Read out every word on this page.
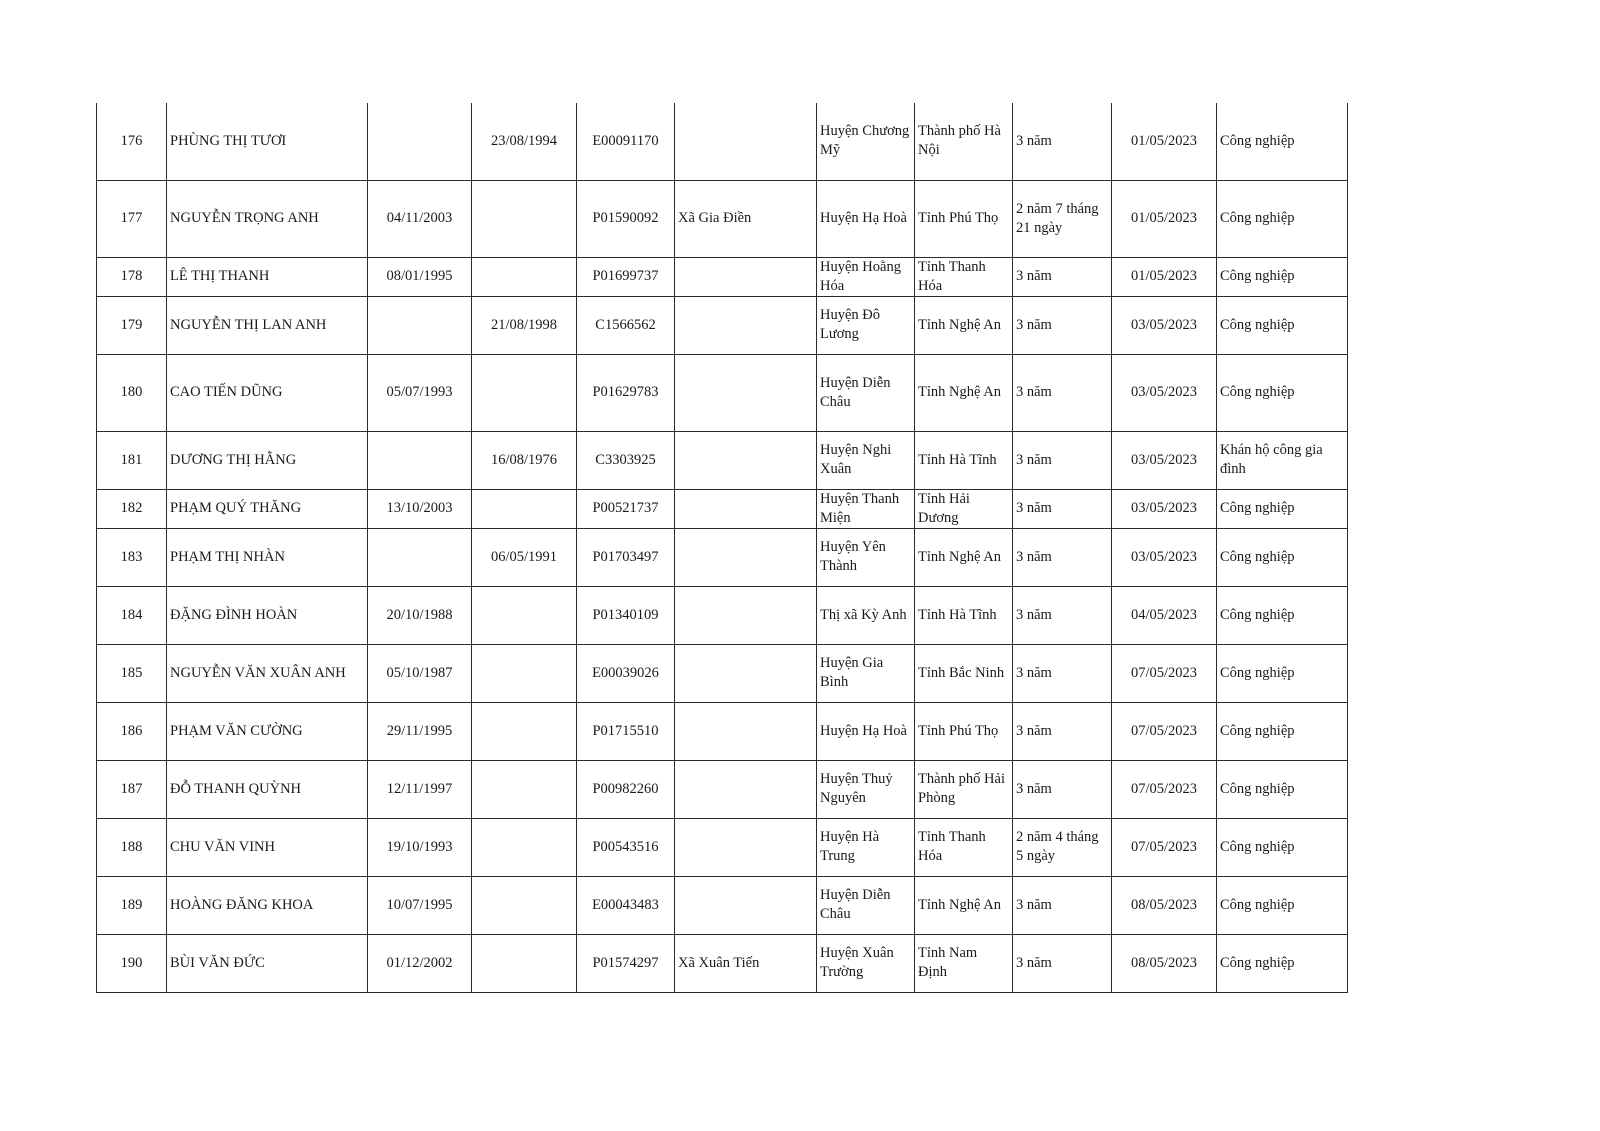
176	PHÙNG THỊ TƯƠI		23/08/1994	E00091170		Huyện Chương Mỹ	Thành phố Hà Nội	3 năm	01/05/2023	Công nghiệp
177	NGUYỄN TRỌNG ANH	04/11/2003		P01590092	Xã Gia Điền	Huyện Hạ Hoà	Tỉnh Phú Thọ	2 năm 7 tháng 21 ngày	01/05/2023	Công nghiệp
178	LÊ THỊ THANH	08/01/1995		P01699737		Huyện Hoằng Hóa	Tỉnh Thanh Hóa	3 năm	01/05/2023	Công nghiệp
179	NGUYỄN THỊ LAN ANH		21/08/1998	C1566562		Huyện Đô Lương	Tỉnh Nghệ An	3 năm	03/05/2023	Công nghiệp
180	CAO TIẾN DŨNG	05/07/1993		P01629783		Huyện Diễn Châu	Tỉnh Nghệ An	3 năm	03/05/2023	Công nghiệp
181	DƯƠNG THỊ HẰNG		16/08/1976	C3303925		Huyện Nghi Xuân	Tỉnh Hà Tĩnh	3 năm	03/05/2023	Khán hộ công gia đình
182	PHẠM QUÝ THĂNG	13/10/2003		P00521737		Huyện Thanh Miện	Tỉnh Hải Dương	3 năm	03/05/2023	Công nghiệp
183	PHẠM THỊ NHÀN		06/05/1991	P01703497		Huyện Yên Thành	Tỉnh Nghệ An	3 năm	03/05/2023	Công nghiệp
184	ĐẶNG ĐÌNH HOÀN	20/10/1988		P01340109		Thị xã Kỳ Anh	Tỉnh Hà Tĩnh	3 năm	04/05/2023	Công nghiệp
185	NGUYỄN VĂN XUÂN ANH	05/10/1987		E00039026		Huyện Gia Bình	Tỉnh Bắc Ninh	3 năm	07/05/2023	Công nghiệp
186	PHẠM VĂN CƯỜNG	29/11/1995		P01715510		Huyện Hạ Hoà	Tỉnh Phú Thọ	3 năm	07/05/2023	Công nghiệp
187	ĐỖ THANH QUỲNH	12/11/1997		P00982260		Huyện Thuỷ Nguyên	Thành phố Hải Phòng	3 năm	07/05/2023	Công nghiệp
188	CHU VĂN VINH	19/10/1993		P00543516		Huyện Hà Trung	Tỉnh Thanh Hóa	2 năm 4 tháng 5 ngày	07/05/2023	Công nghiệp
189	HOÀNG ĐĂNG KHOA	10/07/1995		E00043483		Huyện Diễn Châu	Tỉnh Nghệ An	3 năm	08/05/2023	Công nghiệp
190	BÙI VĂN ĐỨC	01/12/2002		P01574297	Xã Xuân Tiến	Huyện Xuân Trường	Tỉnh Nam Định	3 năm	08/05/2023	Công nghiệp
